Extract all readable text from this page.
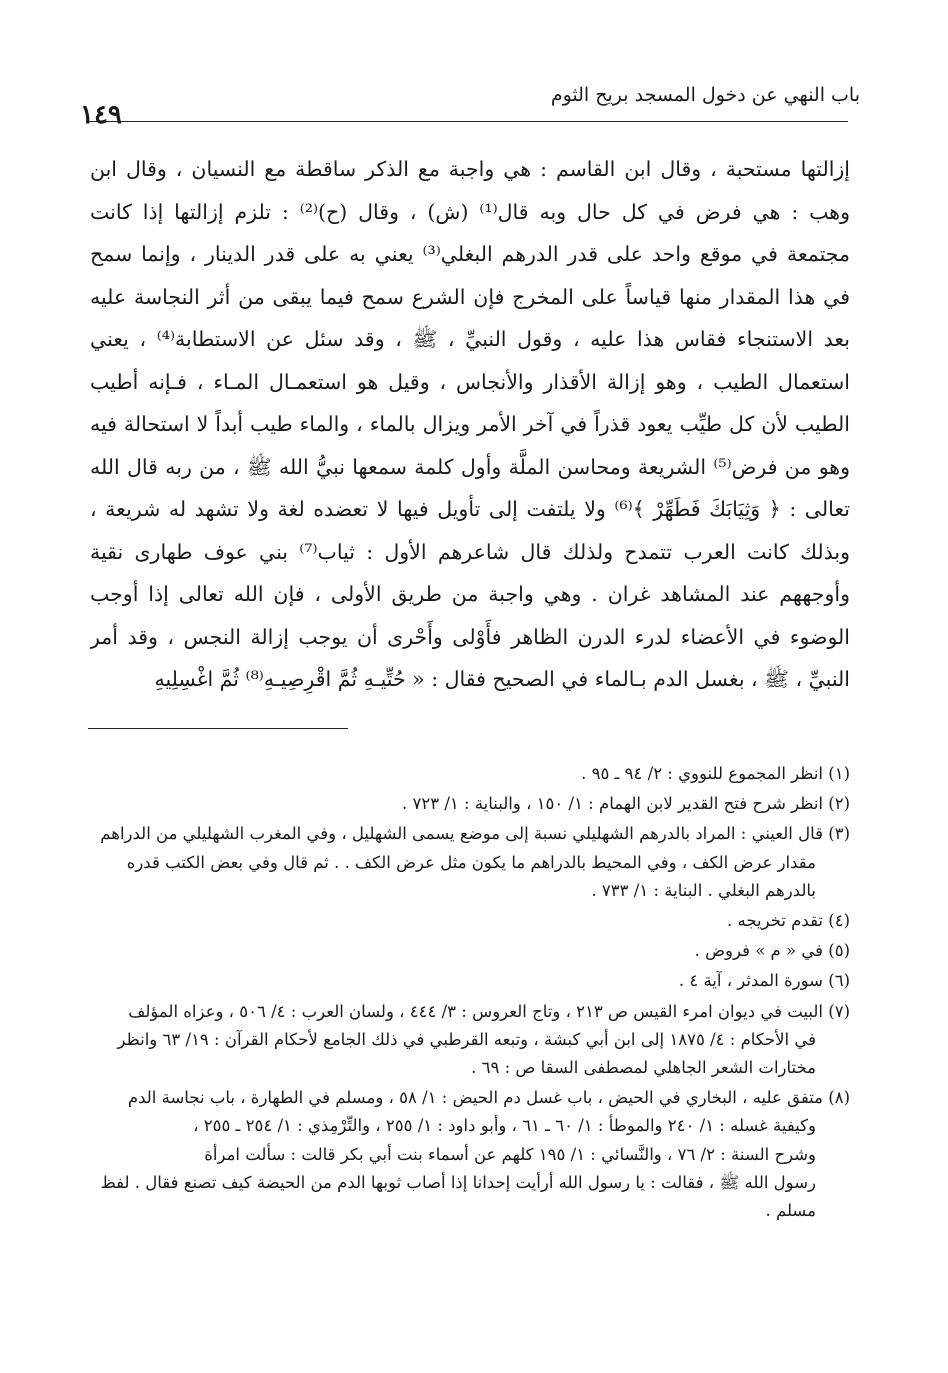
باب النهي عن دخول المسجد بريح الثوم
١٤٩
إزالتها مستحبة ، وقال ابن القاسم : هي واجبة مع الذكر ساقطة مع النسيان ، وقال ابن
وهب : هي فرض في كل حال وبه قال⁽¹⁾ (ش) ، وقال (ح)⁽²⁾ : تلزم إزالتها إذا كانت
مجتمعة في موقع واحد على قدر الدرهم البغلي⁽³⁾ يعني به على قدر الدينار ، وإنما سمح
في هذا المقدار منها قياساً على المخرج فإن الشرع سمح فيما يبقى من أثر النجاسة عليه
بعد الاستنجاء فقاس هذا عليه ، وقول النبيِّ ، ﷺ ، وقد سئل عن الاستطابة⁽⁴⁾ ، يعني
استعمال الطيب ، وهو إزالة الأقذار والأنجاس ، وقيل هو استعمـال المـاء ، فـإنه أطيب
الطيب لأن كل طيِّب يعود قذراً في آخر الأمر ويزال بالماء ، والماء طيب أبداً لا استحالة فيه
وهو من فرض⁽⁵⁾ الشريعة ومحاسن الملَّة وأول كلمة سمعها نبيُّ الله ﷺ ، من ربه قال الله
تعالى : ﴿ وَثِيَابَكَ فَطَهِّرْ ﴾⁽⁶⁾ ولا يلتفت إلى تأويل فيها لا تعضده لغة ولا تشهد له شريعة ،
وبذلك كانت العرب تتمدح ولذلك قال شاعرهم الأول : ثياب⁽⁷⁾ بني عوف طهارى نقية
وأوجههم عند المشاهد غران . وهي واجبة من طريق الأولى ، فإن الله تعالى إذا أوجب
الوضوء في الأعضاء لدرء الدرن الظاهر فأَوْلى وأَحْرى أن يوجب إزالة النجس ، وقد أمر
النبيِّ ، ﷺ ، بغسل الدم بـالماء في الصحيح فقال : « حُتِّيـهِ ثُمَّ اقْرِصِيـهِ⁽⁸⁾ ثُمَّ اغْسِلِيهِ
(١) انظر المجموع للنووي : ٢/ ٩٤ ـ ٩٥ .
(٢) انظر شرح فتح القدير لابن الهمام : ١/ ١٥٠ ، والبناية : ١/ ٧٢٣ .
(٣) قال العيني : المراد بالدرهم الشهليلي نسبة إلى موضع يسمى الشهليل ، وفي المغرب الشهليلي من الدراهم
مقدار عرض الكف ، وفي المحيط بالدراهم ما يكون مثل عرض الكف . . ثم قال وفي بعض الكتب قدره
بالدرهم البغلي . البناية : ١/ ٧٣٣ .
(٤) تقدم تخريجه .
(٥) في « م » فروض .
(٦) سورة المدثر ، آية ٤ .
(٧) البيت في ديوان امرء القيس ص ٢١٣ ، وتاج العروس : ٣/ ٤٤٤ ، ولسان العرب : ٤/ ٥٠٦ ، وعزاه المؤلف
في الأحكام : ٤/ ١٨٧٥ إلى ابن أبي كبشة ، وتبعه القرطبي في ذلك الجامع لأحكام القرآن : ١٩/ ٦٣ وانظر
مختارات الشعر الجاهلي لمصطفى السقا ص : ٦٩ .
(٨) متفق عليه ، البخاري في الحيض ، باب غسل دم الحيض : ١/ ٥٨ ، ومسلم في الطهارة ، باب نجاسة الدم
وكيفية غسله : ١/ ٢٤٠ والموطأ : ١/ ٦٠ ـ ٦١ ، وأبو داود : ١/ ٢٥٥ ، والتِّرْمِذي : ١/ ٢٥٤ ـ ٢٥٥ ،
وشرح السنة : ٢/ ٧٦ ، والنَّسائي : ١/ ١٩٥ كلهم عن أسماء بنت أبي بكر قالت : سألت امرأة
رسول الله ﷺ ، فقالت : يا رسول الله أرأيت إحدانا إذا أصاب ثوبها الدم من الحيضة كيف تصنع فقال . لفظ
مسلم .
